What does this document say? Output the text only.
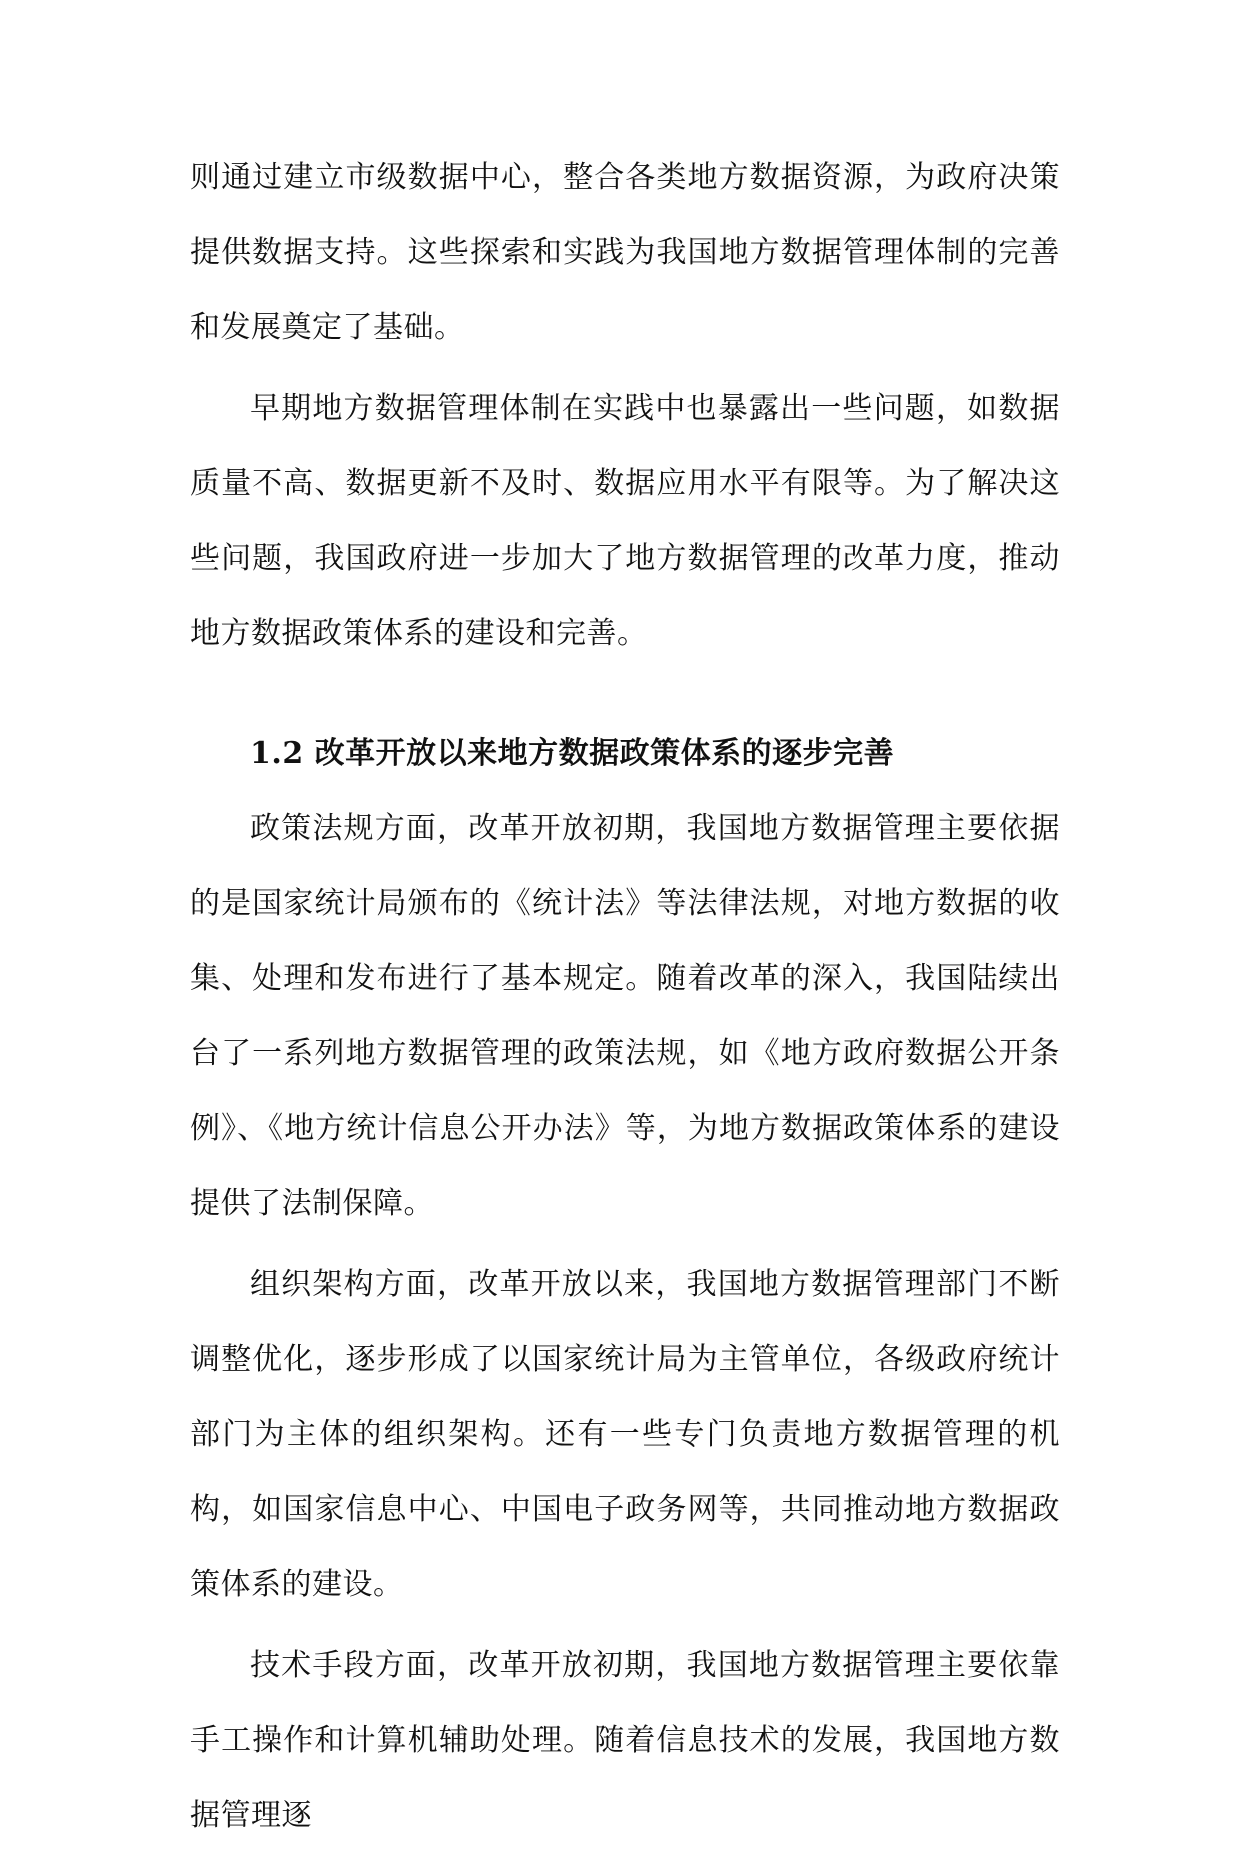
则通过建立市级数据中心，整合各类地方数据资源，为政府决策提供数据支持。这些探索和实践为我国地方数据管理体制的完善和发展奠定了基础。

早期地方数据管理体制在实践中也暴露出一些问题，如数据质量不高、数据更新不及时、数据应用水平有限等。为了解决这些问题，我国政府进一步加大了地方数据管理的改革力度，推动地方数据政策体系的建设和完善。

1.2 改革开放以来地方数据政策体系的逐步完善

政策法规方面，改革开放初期，我国地方数据管理主要依据的是国家统计局颁布的《统计法》等法律法规，对地方数据的收集、处理和发布进行了基本规定。随着改革的深入，我国陆续出台了一系列地方数据管理的政策法规，如《地方政府数据公开条例》、《地方统计信息公开办法》等，为地方数据政策体系的建设提供了法制保障。

组织架构方面，改革开放以来，我国地方数据管理部门不断调整优化，逐步形成了以国家统计局为主管单位，各级政府统计部门为主体的组织架构。还有一些专门负责地方数据管理的机构，如国家信息中心、中国电子政务网等，共同推动地方数据政策体系的建设。

技术手段方面，改革开放初期，我国地方数据管理主要依靠手工操作和计算机辅助处理。随着信息技术的发展，我国地方数据管理逐
